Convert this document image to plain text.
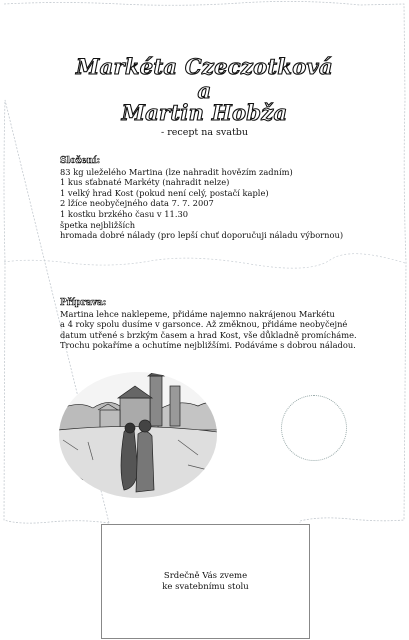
Markéta Czeczotková
a
Martin Hobža
- recept na svatbu
Složení:
83 kg uleželého Martina (lze nahradit hovězím zadním)
1 kus sťabnaté Markéty (nahradit nelze)
1 velký hrad Kost (pokud není celý, postačí kaple)
2 lžíce neobyčejného data 7. 7. 2007
1 kostku brzkého času v 11.30
špetka nejbližších
hromada dobré nálady (pro lepší chuť doporučuji náladu výbornou)
Příprava:
Martina lehce naklepeme, přidáme najemno nakrájenou Markétu
a 4 roky spolu dusíme v garsonce. Až změknou, přidáme neobyčejné
datum utřené s brzkým časem a hrad Kost, vše důkladně promícháme.
Trochu pokaříme a ochutíme nejbližšími. Podáváme s dobrou náladou.
Srdečně Vás zveme
ke svatebnímu stolu
